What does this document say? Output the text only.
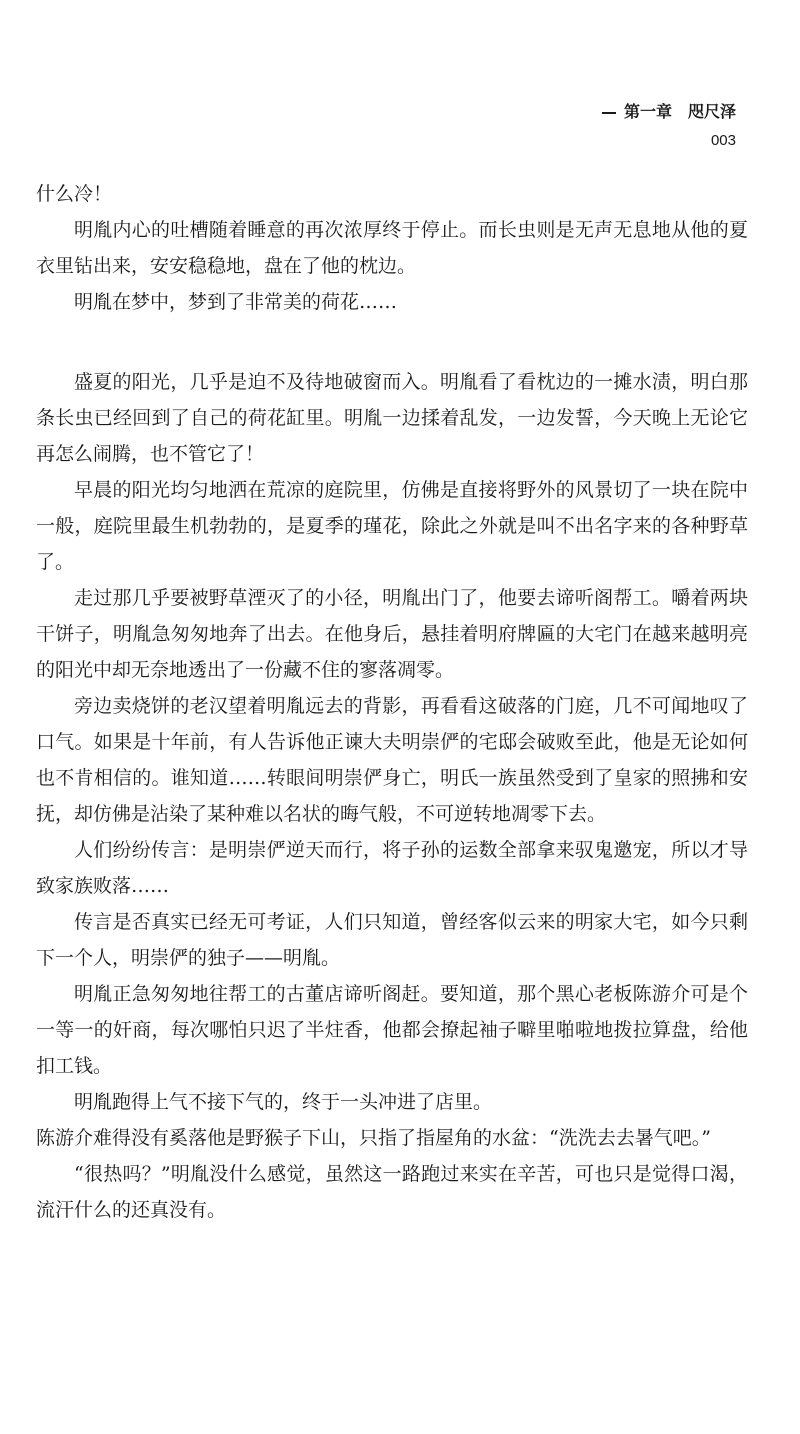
第一章 咫尺泽
003

什么冷！

明胤内心的吐槽随着睡意的再次浓厚终于停止。而长虫则是无声无息地从他的夏衣里钻出来，安安稳稳地，盘在了他的枕边。

明胤在梦中，梦到了非常美的荷花……

盛夏的阳光，几乎是迫不及待地破窗而入。明胤看了看枕边的一摊水渍，明白那条长虫已经回到了自己的荷花缸里。明胤一边揉着乱发，一边发誓，今天晚上无论它再怎么闹腾，也不管它了！

早晨的阳光均匀地洒在荒凉的庭院里，仿佛是直接将野外的风景切了一块在院中一般，庭院里最生机勃勃的，是夏季的瑾花，除此之外就是叫不出名字来的各种野草了。

走过那几乎要被野草湮灭了的小径，明胤出门了，他要去谛听阁帮工。嚼着两块干饼子，明胤急匆匆地奔了出去。在他身后，悬挂着明府牌匾的大宅门在越来越明亮的阳光中却无奈地透出了一份藏不住的寥落凋零。

旁边卖烧饼的老汉望着明胤远去的背影，再看看这破落的门庭，几不可闻地叹了口气。如果是十年前，有人告诉他正谏大夫明崇俨的宅邸会破败至此，他是无论如何也不肯相信的。谁知道……转眼间明崇俨身亡，明氏一族虽然受到了皇家的照拂和安抚，却仿佛是沾染了某种难以名状的晦气般，不可逆转地凋零下去。

人们纷纷传言：是明崇俨逆天而行，将子孙的运数全部拿来驭鬼邀宠，所以才导致家族败落……

传言是否真实已经无可考证，人们只知道，曾经客似云来的明家大宅，如今只剩下一个人，明崇俨的独子——明胤。

明胤正急匆匆地往帮工的古董店谛听阁赶。要知道，那个黑心老板陈游介可是个一等一的奸商，每次哪怕只迟了半炷香，他都会撩起袖子噼里啪啦地拨拉算盘，给他扣工钱。

明胤跑得上气不接下气的，终于一头冲进了店里。

陈游介难得没有奚落他是野猴子下山，只指了指屋角的水盆：“洗洗去去暑气吧。”

“很热吗？”明胤没什么感觉，虽然这一路跑过来实在辛苦，可也只是觉得口渴，流汗什么的还真没有。
